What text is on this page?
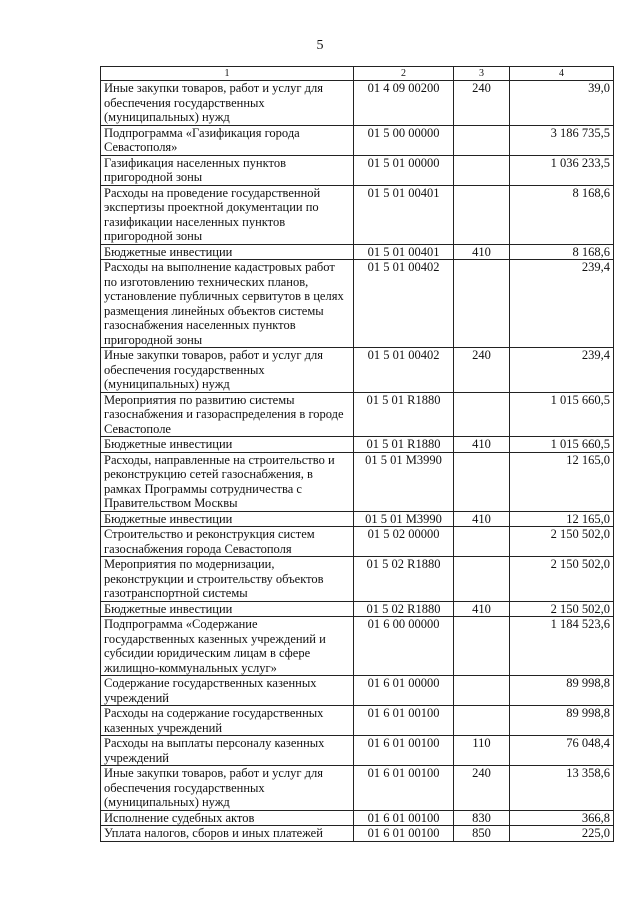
5
1	2	3	4
Иные закупки товаров, работ и услуг для обеспечения государственных (муниципальных) нужд	01 4 09 00200	240	39,0
Подпрограмма «Газификация города Севастополя»	01 5 00 00000		3 186 735,5
Газификация населенных пунктов пригородной зоны	01 5 01 00000		1 036 233,5
Расходы на проведение государственной экспертизы проектной документации по газификации населенных пунктов пригородной зоны	01 5 01 00401		8 168,6
Бюджетные инвестиции	01 5 01 00401	410	8 168,6
Расходы на выполнение кадастровых работ по изготовлению технических планов, установление публичных сервитутов в целях размещения линейных объектов системы газоснабжения населенных пунктов пригородной зоны	01 5 01 00402		239,4
Иные закупки товаров, работ и услуг для обеспечения государственных (муниципальных) нужд	01 5 01 00402	240	239,4
Мероприятия по развитию системы газоснабжения и газораспределения в городе Севастополе	01 5 01 R1880		1 015 660,5
Бюджетные инвестиции	01 5 01 R1880	410	1 015 660,5
Расходы, направленные на строительство и реконструкцию сетей газоснабжения, в рамках Программы сотрудничества с Правительством Москвы	01 5 01 М3990		12 165,0
Бюджетные инвестиции	01 5 01 М3990	410	12 165,0
Строительство и реконструкция систем газоснабжения города Севастополя	01 5 02 00000		2 150 502,0
Мероприятия по модернизации, реконструкции и строительству объектов газотранспортной системы	01 5 02 R1880		2 150 502,0
Бюджетные инвестиции	01 5 02 R1880	410	2 150 502,0
Подпрограмма «Содержание государственных казенных учреждений и субсидии юридическим лицам в сфере жилищно-коммунальных услуг»	01 6 00 00000		1 184 523,6
Содержание государственных казенных учреждений	01 6 01 00000		89 998,8
Расходы на содержание государственных казенных учреждений	01 6 01 00100		89 998,8
Расходы на выплаты персоналу казенных учреждений	01 6 01 00100	110	76 048,4
Иные закупки товаров, работ и услуг для обеспечения государственных (муниципальных) нужд	01 6 01 00100	240	13 358,6
Исполнение судебных актов	01 6 01 00100	830	366,8
Уплата налогов, сборов и иных платежей	01 6 01 00100	850	225,0
